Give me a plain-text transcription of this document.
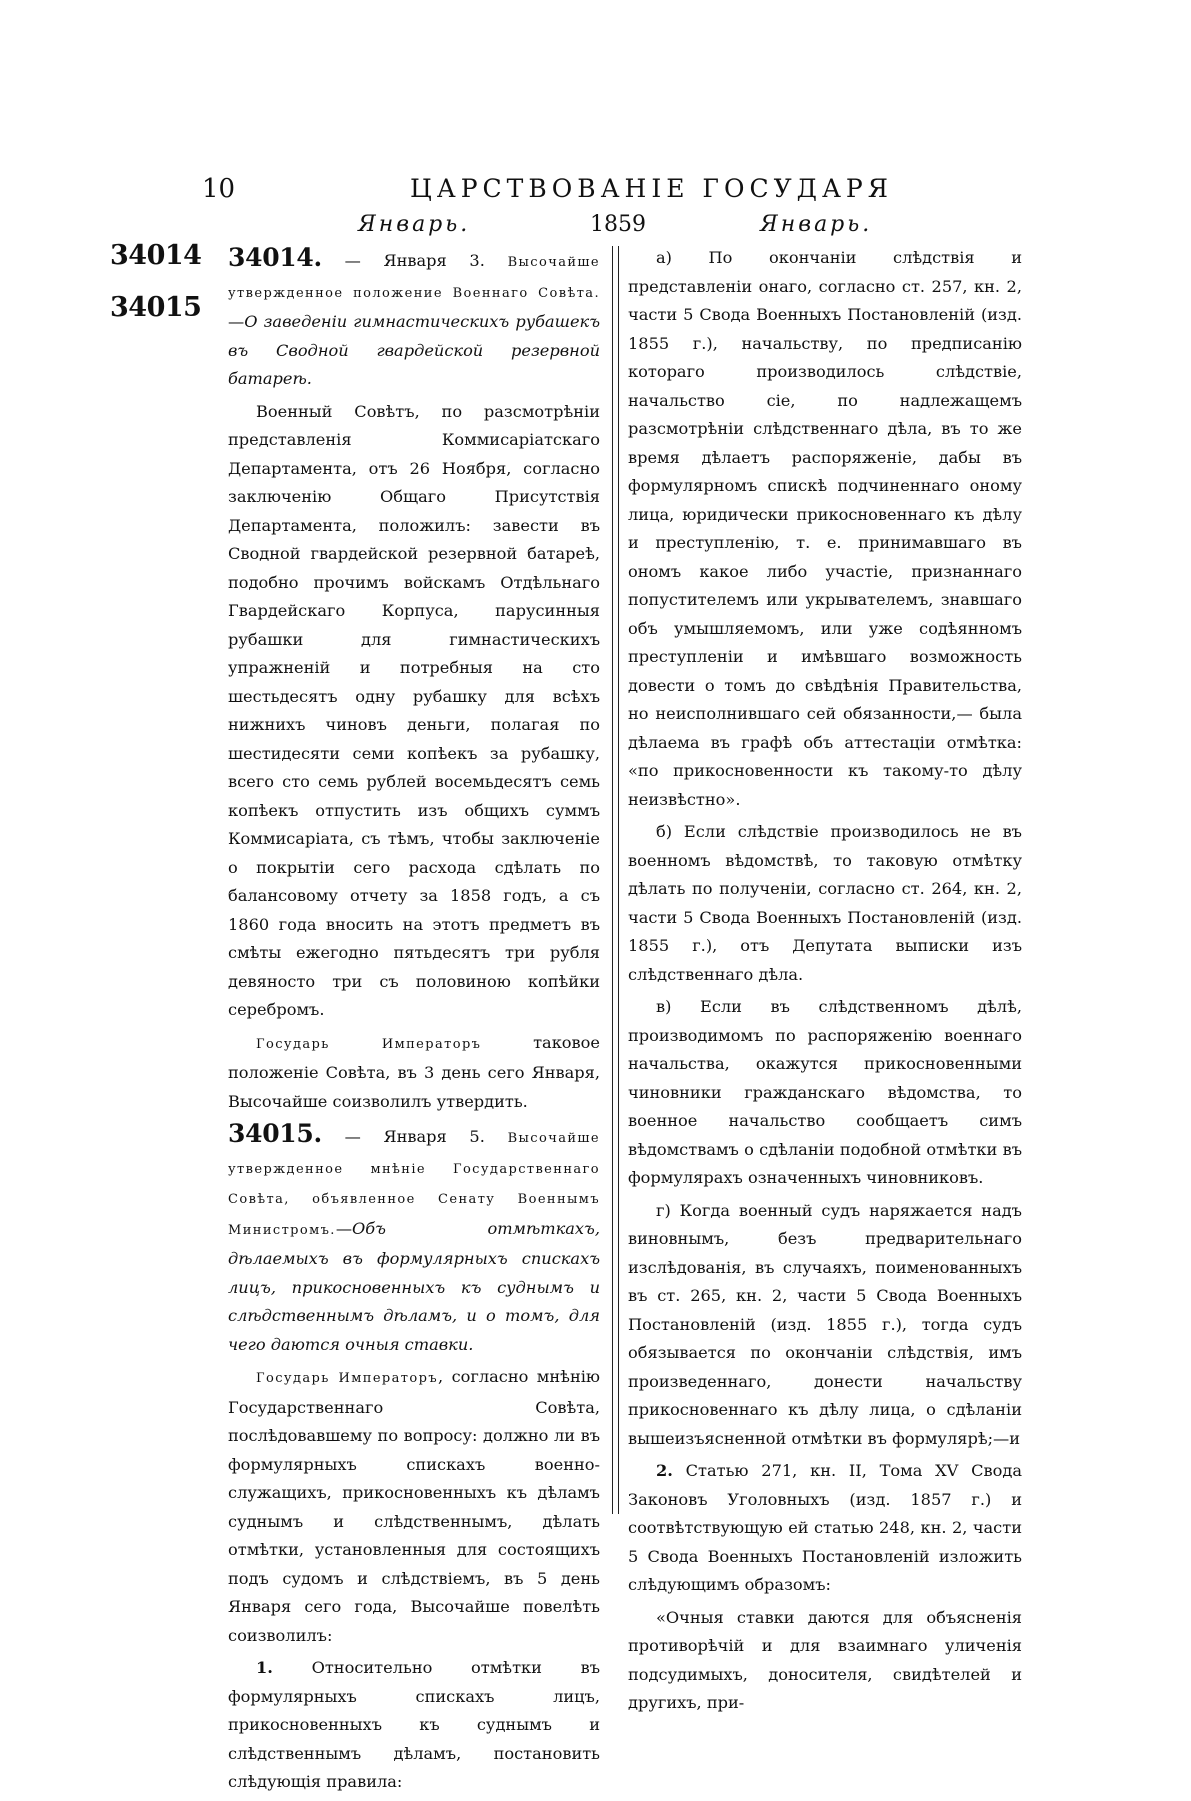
10	ЦАРСТВОВАНІЕ ГОСУДАРЯ
Январь.	1859	Январь.
34014
34015

34014. — Января 3. Высочайше утвержденное положение Военнаго Совѣта.—О заведеніи гимнастическихъ рубашекъ въ Сводной гвардейской резервной батареѣ.

Военный Совѣтъ, по разсмотрѣніи представленія Коммисаріатскаго Департамента, отъ 26 Ноября, согласно заключенію Общаго Присутствія Департамента, положилъ: завести въ Сводной гвардейской резервной батареѣ, подобно прочимъ войскамъ Отдѣльнаго Гвардейскаго Корпуса, парусинныя рубашки для гимнастическихъ упражненій и потребныя на сто шестьдесятъ одну рубашку для всѣхъ нижнихъ чиновъ деньги, полагая по шестидесяти семи копѣекъ за рубашку, всего сто семь рублей восемьдесятъ семь копѣекъ отпустить изъ общихъ суммъ Коммисаріата, съ тѣмъ, чтобы заключеніе о покрытіи сего расхода сдѣлать по балансовому отчету за 1858 годъ, а съ 1860 года вносить на этотъ предметъ въ смѣты ежегодно пятьдесятъ три рубля девяносто три съ половиною копѣйки серебромъ.

Государь Императоръ таковое положеніе Совѣта, въ 3 день сего Января, Высочайше соизволилъ утвердить.

34015. — Января 5. Высочайше утвержденное мнѣніе Государственнаго Совѣта, объявленное Сенату Военнымъ Министромъ.—Объ отмѣткахъ, дѣлаемыхъ въ формулярныхъ спискахъ лицъ, прикосновенныхъ къ суднымъ и слѣдственнымъ дѣламъ, и о томъ, для чего даются очныя ставки.

Государь Императоръ, согласно мнѣнію Государственнаго Совѣта, послѣдовавшему по вопросу: должно ли въ формулярныхъ спискахъ военно-служащихъ, прикосновенныхъ къ дѣламъ суднымъ и слѣдственнымъ, дѣлать отмѣтки, установленныя для состоящихъ подъ судомъ и слѣдствіемъ, въ 5 день Января сего года, Высочайше повелѣть соизволилъ:

1. Относительно отмѣтки въ формулярныхъ спискахъ лицъ, прикосновенныхъ къ суднымъ и слѣдственнымъ дѣламъ, постановить слѣдующія правила:

а) По окончаніи слѣдствія и представленіи онаго, согласно ст. 257, кн. 2, части 5 Свода Военныхъ Постановленій (изд. 1855 г.), начальству, по предписанію котораго производилось слѣдствіе, начальство сіе, по надлежащемъ разсмотрѣніи слѣдственнаго дѣла, въ то же время дѣлаетъ распоряженіе, дабы въ формулярномъ спискѣ подчиненнаго оному лица, юридически прикосновеннаго къ дѣлу и преступленію, т. е. принимавшаго въ ономъ какое либо участіе, признаннаго попустителемъ или укрывателемъ, знавшаго объ умышляемомъ, или уже содѣянномъ преступленіи и имѣвшаго возможность довести о томъ до свѣдѣнія Правительства, но неисполнившаго сей обязанности,— была дѣлаема въ графѣ объ аттестаціи отмѣтка: «по прикосновенности къ такому-то дѣлу неизвѣстно».

б) Если слѣдствіе производилось не въ военномъ вѣдомствѣ, то таковую отмѣтку дѣлать по полученіи, согласно ст. 264, кн. 2, части 5 Свода Военныхъ Постановленій (изд. 1855 г.), отъ Депутата выписки изъ слѣдственнаго дѣла.

в) Если въ слѣдственномъ дѣлѣ, производимомъ по распоряженію военнаго начальства, окажутся прикосновенными чиновники гражданскаго вѣдомства, то военное начальство сообщаетъ симъ вѣдомствамъ о сдѣланіи подобной отмѣтки въ формулярахъ означенныхъ чиновниковъ.

г) Когда военный судъ наряжается надъ виновнымъ, безъ предварительнаго изслѣдованія, въ случаяхъ, поименованныхъ въ ст. 265, кн. 2, части 5 Свода Военныхъ Постановленій (изд. 1855 г.), тогда судъ обязывается по окончаніи слѣдствія, имъ произведеннаго, донести начальству прикосновеннаго къ дѣлу лица, о сдѣланіи вышеизъясненной отмѣтки въ формулярѣ;—и

2. Статью 271, кн. II, Тома XV Свода Законовъ Уголовныхъ (изд. 1857 г.) и соотвѣтствующую ей статью 248, кн. 2, части 5 Свода Военныхъ Постановленій изложить слѣдующимъ образомъ:

«Очныя ставки даются для объясненія противорѣчій и для взаимнаго уличенія подсудимыхъ, доносителя, свидѣтелей и другихъ, при-
